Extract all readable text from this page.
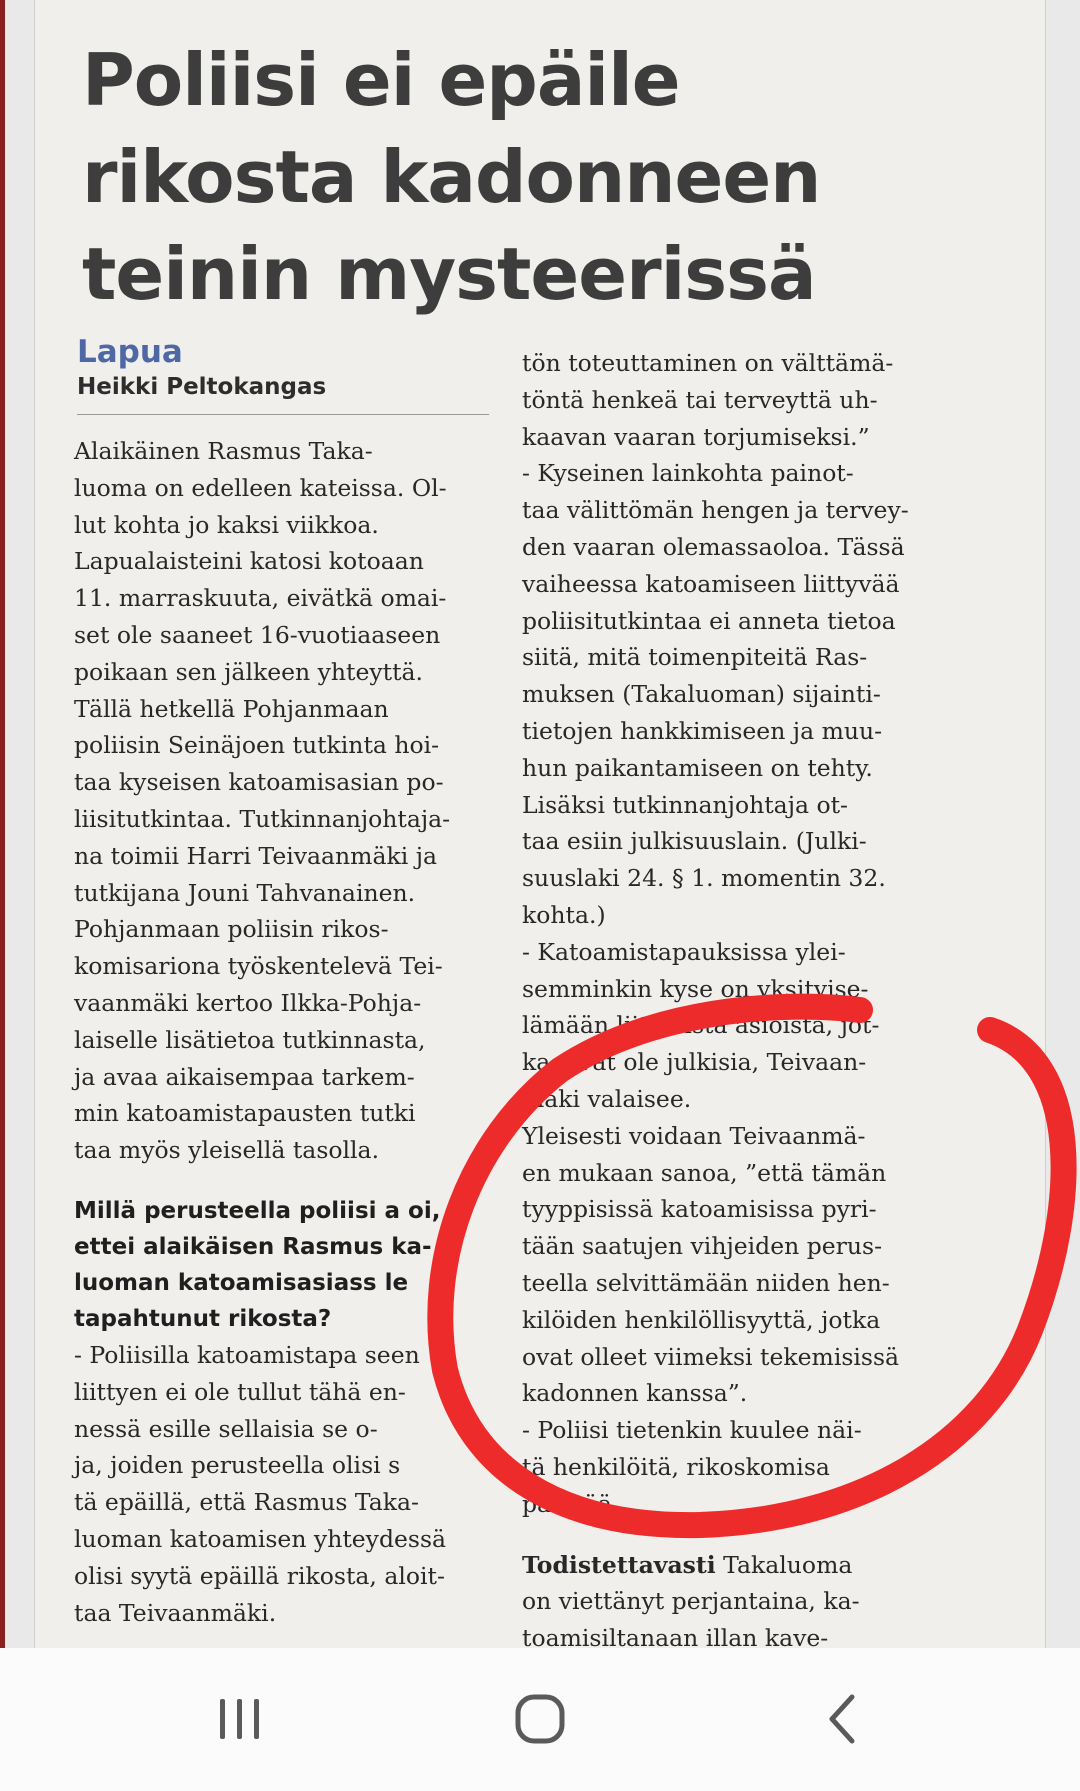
Poliisi ei epäile
rikosta kadonneen
teinin mysteerissä
Lapua
Heikki Peltokangas
Alaikäinen Rasmus Taka-
luoma on edelleen kateissa. Ol-
lut kohta jo kaksi viikkoa.
Lapualaisteini katosi kotoaan
11. marraskuuta, eivätkä omai-
set ole saaneet 16-vuotiaaseen
poikaan sen jälkeen yhteyttä.
Tällä hetkellä Pohjanmaan
poliisin Seinäjoen tutkinta hoi-
taa kyseisen katoamisasian po-
liisitutkintaa. Tutkinnanjohtaja-
na toimii Harri Teivaanmäki ja
tutkijana Jouni Tahvanainen.
Pohjanmaan poliisin rikos-
komisariona työskentelevä Tei-
vaanmäki kertoo Ilkka-Pohja-
laiselle lisätietoa tutkinnasta,
ja avaa aikaisempaa tarkem-
min katoamistapausten tutki
taa myös yleisellä tasolla.
Millä perusteella poliisi a oi,
ettei alaikäisen Rasmus ka-
luoman katoamisasiass le
tapahtunut rikosta?
- Poliisilla katoamistapa seen
liittyen ei ole tullut tähä en-
nessä esille sellaisia se o-
ja, joiden perusteella olisi s
tä epäillä, että Rasmus Taka-
luoman katoamisen yhteydessä
olisi syytä epäillä rikosta, aloit-
taa Teivaanmäki.
tön toteuttaminen on välttämä-
töntä henkeä tai terveyttä uh-
kaavan vaaran torjumiseksi.”
- Kyseinen lainkohta painot-
taa välittömän hengen ja tervey-
den vaaran olemassaoloa. Tässä
vaiheessa katoamiseen liittyvää
poliisitutkintaa ei anneta tietoa
siitä, mitä toimenpiteitä Ras-
muksen (Takaluoman) sijainti-
tietojen hankkimiseen ja muu-
hun paikantamiseen on tehty.
Lisäksi tutkinnanjohtaja ot-
taa esiin julkisuuslain. (Julki-
suuslaki 24. § 1. momentin 32.
kohta.)
- Katoamistapauksissa ylei-
semminkin kyse on yksityise-
lämään liittyvistä asioista, jot-
ka eivät ole julkisia, Teivaan-
mäki valaisee.
Yleisesti voidaan Teivaanmä-
en mukaan sanoa, ”että tämän
tyyppisissä katoamisissa pyri-
tään saatujen vihjeiden perus-
teella selvittämään niiden hen-
kilöiden henkilöllisyyttä, jotka
ovat olleet viimeksi tekemisissä
kadonnen kanssa”.
- Poliisi tietenkin kuulee näi-
tä henkilöitä, rikoskomisa
päättää.
Todistettavasti Takaluoma
on viettänyt perjantaina, ka-
toamisiltanaan illan kave-
